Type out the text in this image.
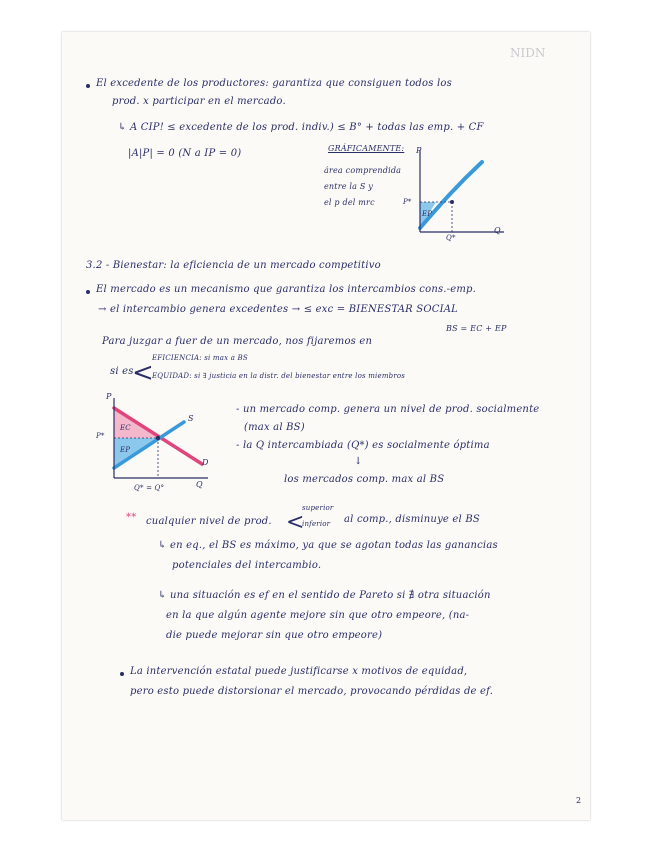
NIDN
El excedente de los productores: garantiza que consiguen todos los
prod. x participar en el mercado.
↳ A CIP! ≤ excedente de los prod. indiv.) ≤ B° + todas las emp. + CF
|A|P| = 0 (N a IP = 0)	GRÁFICAMENTE:
área comprendida
entre la S y
el p del mrc
P
P*
EP
Q*
Q
3.2 - Bienestar: la eficiencia de un mercado competitivo
El mercado es un mecanismo que garantiza los intercambios cons.-emp.
→ el intercambio genera excedentes → ≤ exc = BIENESTAR SOCIAL
BS = EC + EP
Para juzgar a fuer de un mercado, nos fijaremos en
si es
<
EFICIENCIA: si max a BS
EQUIDAD: si ∃ justicia en la distr. del bienestar entre los miembros
P
P*
EC
EP
S
D
Q* = Q°	Q
- un mercado comp. genera un nivel de prod. socialmente
(max al BS)
- la Q intercambiada (Q*) es socialmente óptima
↓
los mercados comp. max al BS
** cualquier nivel de prod. <
superior
inferior al comp., disminuye el BS
↳ en eq., el BS es máximo, ya que se agotan todas las ganancias
potenciales del intercambio.
↳ una situación es ef en el sentido de Pareto si ∄ otra situación
en la que algún agente mejore sin que otro empeore, (na-
die puede mejorar sin que otro empeore)
La intervención estatal puede justificarse x motivos de equidad,
pero esto puede distorsionar el mercado, provocando pérdidas de ef.
2
